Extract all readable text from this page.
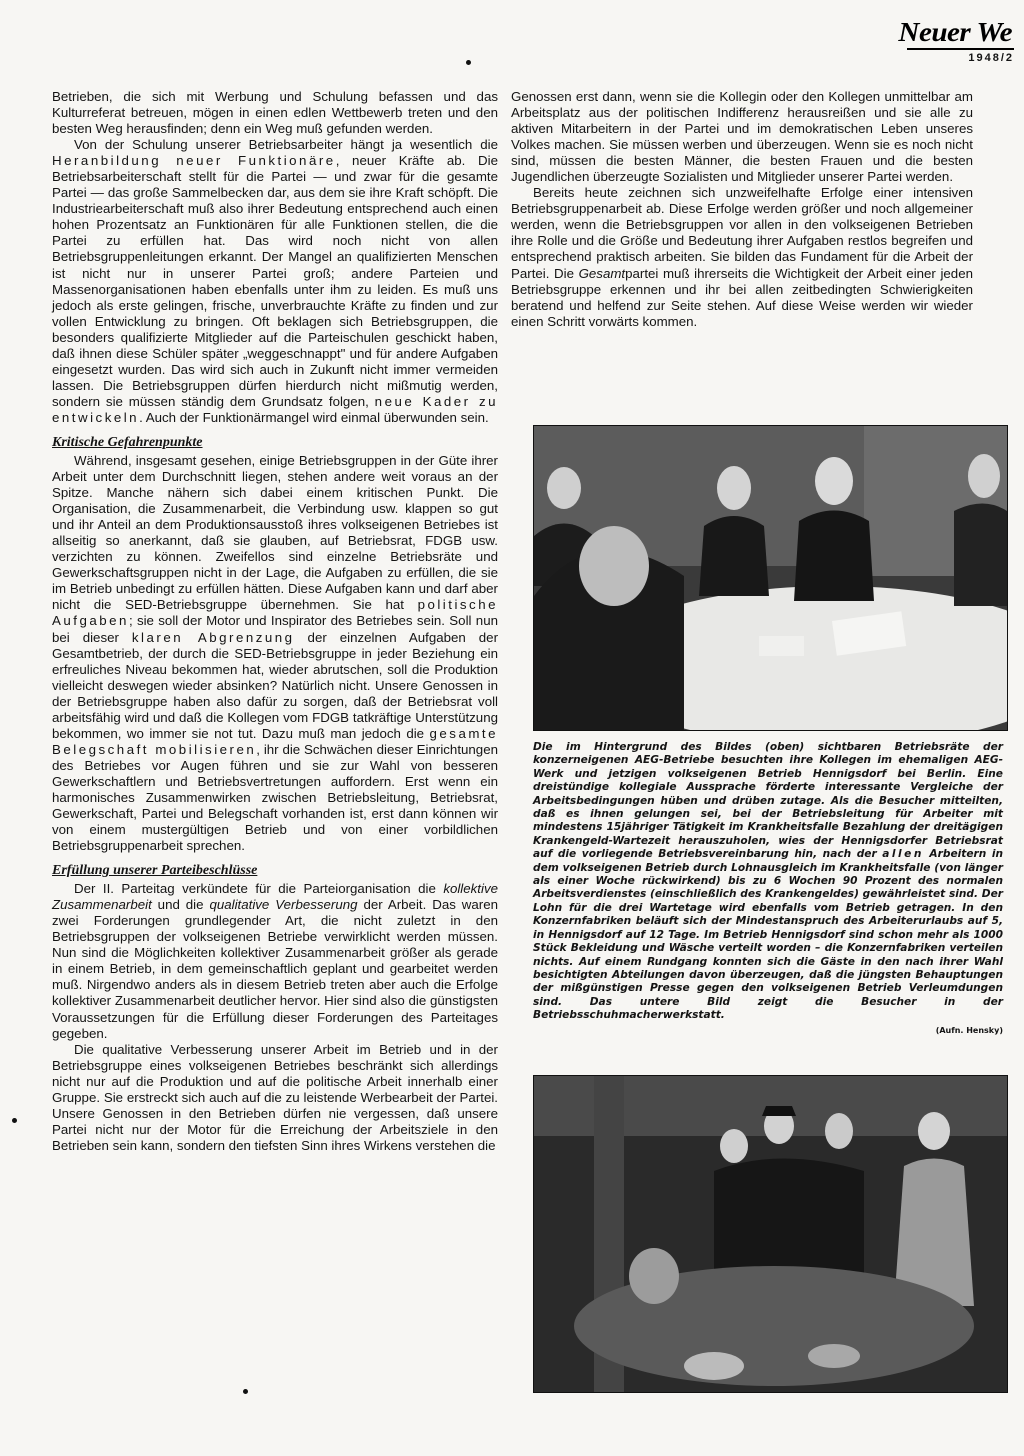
Neuer We
1948/2

Betrieben, die sich mit Werbung und Schulung befassen und das Kulturreferat betreuen, mögen in einen edlen Wettbewerb treten und den besten Weg herausfinden; denn ein Weg muß gefunden werden.

Von der Schulung unserer Betriebsarbeiter hängt ja wesentlich die Heranbildung neuer Funktionäre, neuer Kräfte ab. Die Betriebsarbeiterschaft stellt für die Partei — und zwar für die gesamte Partei — das große Sammelbecken dar, aus dem sie ihre Kraft schöpft. Die Industriearbeiterschaft muß also ihrer Bedeutung entsprechend auch einen hohen Prozentsatz an Funktionären für alle Funktionen stellen, die die Partei zu erfüllen hat. Das wird noch nicht von allen Betriebsgruppenleitungen erkannt. Der Mangel an qualifizierten Menschen ist nicht nur in unserer Partei groß; andere Parteien und Massenorganisationen haben ebenfalls unter ihm zu leiden. Es muß uns jedoch als erste gelingen, frische, unverbrauchte Kräfte zu finden und zur vollen Entwicklung zu bringen. Oft beklagen sich Betriebsgruppen, die besonders qualifizierte Mitglieder auf die Parteischulen geschickt haben, daß ihnen diese Schüler später „weggeschnappt" und für andere Aufgaben eingesetzt wurden. Das wird sich auch in Zukunft nicht immer vermeiden lassen. Die Betriebsgruppen dürfen hierdurch nicht mißmutig werden, sondern sie müssen ständig dem Grundsatz folgen, neue Kader zu entwickeln. Auch der Funktionärmangel wird einmal überwunden sein.

Kritische Gefahrenpunkte

Während, insgesamt gesehen, einige Betriebsgruppen in der Güte ihrer Arbeit unter dem Durchschnitt liegen, stehen andere weit voraus an der Spitze. Manche nähern sich dabei einem kritischen Punkt. Die Organisation, die Zusammenarbeit, die Verbindung usw. klappen so gut und ihr Anteil an dem Produktionsausstoß ihres volkseigenen Betriebes ist allseitig so anerkannt, daß sie glauben, auf Betriebsrat, FDGB usw. verzichten zu können. Zweifellos sind einzelne Betriebsräte und Gewerkschaftsgruppen nicht in der Lage, die Aufgaben zu erfüllen, die sie im Betrieb unbedingt zu erfüllen hätten. Diese Aufgaben kann und darf aber nicht die SED-Betriebsgruppe übernehmen. Sie hat politische Aufgaben; sie soll der Motor und Inspirator des Betriebes sein. Soll nun bei dieser klaren Abgrenzung der einzelnen Aufgaben der Gesamtbetrieb, der durch die SED-Betriebsgruppe in jeder Beziehung ein erfreuliches Niveau bekommen hat, wieder abrutschen, soll die Produktion vielleicht deswegen wieder absinken? Natürlich nicht. Unsere Genossen in der Betriebsgruppe haben also dafür zu sorgen, daß der Betriebsrat voll arbeitsfähig wird und daß die Kollegen vom FDGB tatkräftige Unterstützung bekommen, wo immer sie not tut. Dazu muß man jedoch die gesamte Belegschaft mobilisieren, ihr die Schwächen dieser Einrichtungen des Betriebes vor Augen führen und sie zur Wahl von besseren Gewerkschaftlern und Betriebsvertretungen auffordern. Erst wenn ein harmonisches Zusammenwirken zwischen Betriebsleitung, Betriebsrat, Gewerkschaft, Partei und Belegschaft vorhanden ist, erst dann können wir von einem mustergültigen Betrieb und von einer vorbildlichen Betriebsgruppenarbeit sprechen.

Erfüllung unserer Parteibeschlüsse

Der II. Parteitag verkündete für die Parteiorganisation die kollektive Zusammenarbeit und die qualitative Verbesserung der Arbeit. Das waren zwei Forderungen grundlegender Art, die nicht zuletzt in den Betriebsgruppen der volkseigenen Betriebe verwirklicht werden müssen. Nun sind die Möglichkeiten kollektiver Zusammenarbeit größer als gerade in einem Betrieb, in dem gemeinschaftlich geplant und gearbeitet werden muß. Nirgendwo anders als in diesem Betrieb treten aber auch die Erfolge kollektiver Zusammenarbeit deutlicher hervor. Hier sind also die günstigsten Voraussetzungen für die Erfüllung dieser Forderungen des Parteitages gegeben.

Die qualitative Verbesserung unserer Arbeit im Betrieb und in der Betriebsgruppe eines volkseigenen Betriebes beschränkt sich allerdings nicht nur auf die Produktion und auf die politische Arbeit innerhalb einer Gruppe. Sie erstreckt sich auch auf die zu leistende Werbearbeit der Partei. Unsere Genossen in den Betrieben dürfen nie vergessen, daß unsere Partei nicht nur der Motor für die Erreichung der Arbeitsziele in den Betrieben sein kann, sondern den tiefsten Sinn ihres Wirkens verstehen die

Genossen erst dann, wenn sie die Kollegin oder den Kollegen unmittelbar am Arbeitsplatz aus der politischen Indifferenz herausreißen und sie alle zu aktiven Mitarbeitern in der Partei und im demokratischen Leben unseres Volkes machen. Sie müssen werben und überzeugen. Wenn sie es noch nicht sind, müssen die besten Männer, die besten Frauen und die besten Jugendlichen überzeugte Sozialisten und Mitglieder unserer Partei werden.

Bereits heute zeichnen sich unzweifelhafte Erfolge einer intensiven Betriebsgruppenarbeit ab. Diese Erfolge werden größer und noch allgemeiner werden, wenn die Betriebsgruppen vor allen in den volkseigenen Betrieben ihre Rolle und die Größe und Bedeutung ihrer Aufgaben restlos begreifen und entsprechend praktisch arbeiten. Sie bilden das Fundament für die Arbeit der Partei. Die Gesamtpartei muß ihrerseits die Wichtigkeit der Arbeit einer jeden Betriebsgruppe erkennen und ihr bei allen zeitbedingten Schwierigkeiten beratend und helfend zur Seite stehen. Auf diese Weise werden wir wieder einen Schritt vorwärts kommen.

Die im Hintergrund des Bildes (oben) sichtbaren Betriebsräte der konzerneigenen AEG-Betriebe besuchten ihre Kollegen im ehemaligen AEG-Werk und jetzigen volkseigenen Betrieb Hennigsdorf bei Berlin. Eine dreistündige kollegiale Aussprache förderte interessante Vergleiche der Arbeitsbedingungen hüben und drüben zutage. Als die Besucher mitteilten, daß es ihnen gelungen sei, bei der Betriebsleitung für Arbeiter mit mindestens 15jähriger Tätigkeit im Krankheitsfalle Bezahlung der dreitägigen Krankengeld-Wartezeit herauszuholen, wies der Hennigsdorfer Betriebsrat auf die vorliegende Betriebsvereinbarung hin, nach der allen Arbeitern in dem volkseigenen Betrieb durch Lohnausgleich im Krankheitsfalle (von länger als einer Woche rückwirkend) bis zu 6 Wochen 90 Prozent des normalen Arbeitsverdienstes (einschließlich des Krankengeldes) gewährleistet sind. Der Lohn für die drei Wartetage wird ebenfalls vom Betrieb getragen. In den Konzernfabriken beläuft sich der Mindestanspruch des Arbeiterurlaubs auf 5, in Hennigsdorf auf 12 Tage. Im Betrieb Hennigsdorf sind schon mehr als 1000 Stück Bekleidung und Wäsche verteilt worden – die Konzernfabriken verteilen nichts. Auf einem Rundgang konnten sich die Gäste in den nach ihrer Wahl besichtigten Abteilungen davon überzeugen, daß die jüngsten Behauptungen der mißgünstigen Presse gegen den volkseigenen Betrieb Verleumdungen sind. Das untere Bild zeigt die Besucher in der Betriebsschuhmacherwerkstatt.
(Aufn. Hensky)
